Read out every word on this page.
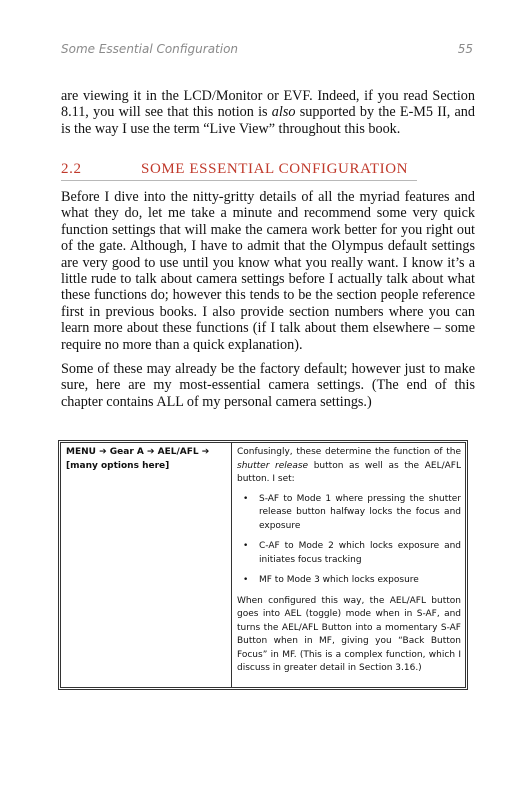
Some Essential Configuration	55

are viewing it in the LCD/Monitor or EVF. Indeed, if you read Section 8.11, you will see that this notion is also supported by the E-M5 II, and is the way I use the term “Live View” throughout this book.

2.2	SOME ESSENTIAL CONFIGURATION

Before I dive into the nitty-gritty details of all the myriad features and what they do, let me take a minute and recommend some very quick function settings that will make the camera work better for you right out of the gate. Although, I have to admit that the Olympus default settings are very good to use until you know what you really want. I know it’s a little rude to talk about camera settings before I actually talk about what these functions do; however this tends to be the section people reference first in previous books. I also provide section numbers where you can learn more about these functions (if I talk about them elsewhere – some require no more than a quick explanation).

Some of these may already be the factory default; however just to make sure, here are my most-essential camera settings. (The end of this chapter contains ALL of my personal camera settings.)

MENU ➔ Gear A ➔ AEL/AFL ➔ [many options here]

Confusingly, these determine the function of the shutter release button as well as the AEL/AFL button. I set:

• S-AF to Mode 1 where pressing the shutter release button halfway locks the focus and exposure
• C-AF to Mode 2 which locks exposure and initiates focus tracking
• MF to Mode 3 which locks exposure

When configured this way, the AEL/AFL button goes into AEL (toggle) mode when in S-AF, and turns the AEL/AFL Button into a momentary S-AF Button when in MF, giving you “Back Button Focus” in MF. (This is a complex function, which I discuss in greater detail in Section 3.16.)
